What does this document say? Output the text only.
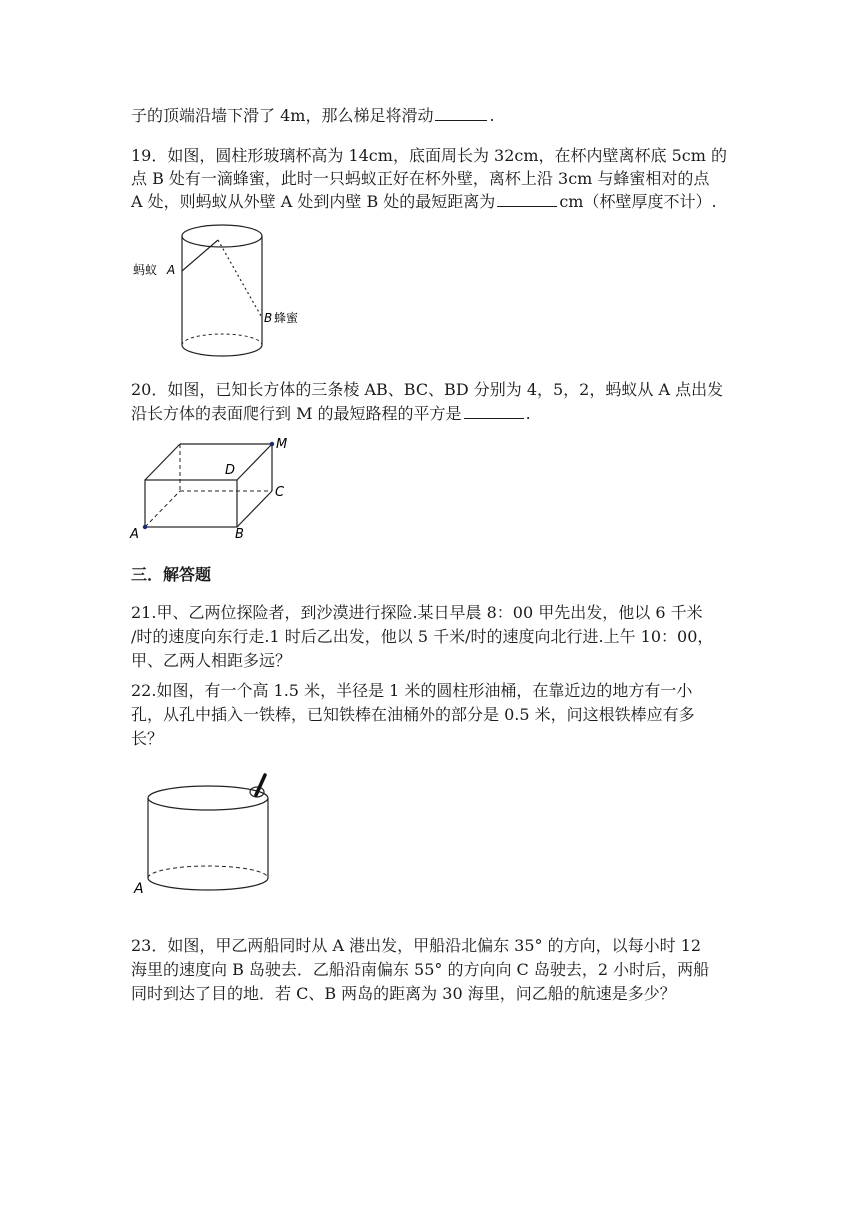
子的顶端沿墙下滑了 4m，那么梯足将滑动	.
19．如图，圆柱形玻璃杯高为 14cm，底面周长为 32cm，在杯内壁离杯底 5cm 的
点 B 处有一滴蜂蜜，此时一只蚂蚁正好在杯外壁，离杯上沿 3cm 与蜂蜜相对的点
A 处，则蚂蚁从外壁 A 处到内壁 B 处的最短距离为	cm（杯壁厚度不计）.
蚂蚁 A
B 蜂蜜
20．如图，已知长方体的三条棱 AB、BC、BD 分别为 4，5，2，蚂蚁从 A 点出发
沿长方体的表面爬行到 M 的最短路程的平方是	.
M
D
C
A	B
三．解答题
21.甲、乙两位探险者，到沙漠进行探险.某日早晨 8：00 甲先出发，他以 6 千米
/时的速度向东行走.1 时后乙出发，他以 5 千米/时的速度向北行进.上午 10：00，
甲、乙两人相距多远？
22.如图，有一个高 1.5 米，半径是 1 米的圆柱形油桶，在靠近边的地方有一小
孔，从孔中插入一铁棒，已知铁棒在油桶外的部分是 0.5 米，问这根铁棒应有多
长？
A
23．如图，甲乙两船同时从 A 港出发，甲船沿北偏东 35° 的方向，以每小时 12
海里的速度向 B 岛驶去．乙船沿南偏东 55° 的方向向 C 岛驶去，2 小时后，两船
同时到达了目的地．若 C、B 两岛的距离为 30 海里，问乙船的航速是多少？
